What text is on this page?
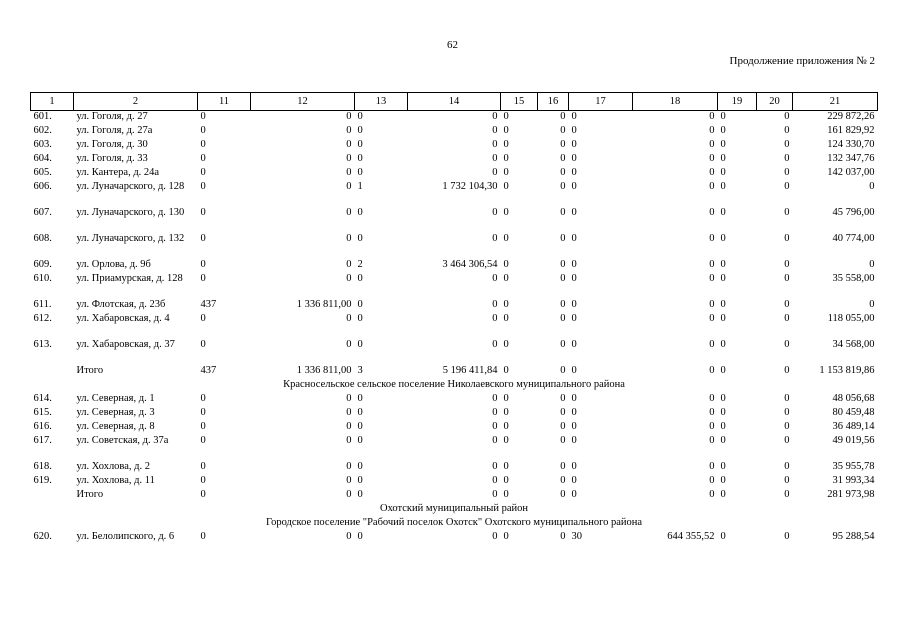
62
Продолжение приложения № 2
1	2	11	12	13	14	15	16	17	18	19	20	21
601.	ул. Гоголя, д. 27	0	0	0	0	0	0	0	0	0	0	229 872,26
602.	ул. Гоголя, д. 27а	0	0	0	0	0	0	0	0	0	0	161 829,92
603.	ул. Гоголя, д. 30	0	0	0	0	0	0	0	0	0	0	124 330,70
604.	ул. Гоголя, д. 33	0	0	0	0	0	0	0	0	0	0	132 347,76
605.	ул. Кантера, д. 24а	0	0	0	0	0	0	0	0	0	0	142 037,00
606.	ул. Луначарского, д. 128	0	0	1	1 732 104,30	0	0	0	0	0	0	0
607.	ул. Луначарского, д. 130	0	0	0	0	0	0	0	0	0	0	45 796,00
608.	ул. Луначарского, д. 132	0	0	0	0	0	0	0	0	0	0	40 774,00
609.	ул. Орлова, д. 9б	0	0	2	3 464 306,54	0	0	0	0	0	0	0
610.	ул. Приамурская, д. 128	0	0	0	0	0	0	0	0	0	0	35 558,00
611.	ул. Флотская, д. 23б	437	1 336 811,00	0	0	0	0	0	0	0	0	0
612.	ул. Хабаровская, д. 4	0	0	0	0	0	0	0	0	0	0	118 055,00
613.	ул. Хабаровская, д. 37	0	0	0	0	0	0	0	0	0	0	34 568,00
	Итого	437	1 336 811,00	3	5 196 411,84	0	0	0	0	0	0	1 153 819,86
Красносельское сельское поселение Николаевского муниципального района												
614.	ул. Северная, д. 1	0	0	0	0	0	0	0	0	0	0	48 056,68
615.	ул. Северная, д. 3	0	0	0	0	0	0	0	0	0	0	80 459,48
616.	ул. Северная, д. 8	0	0	0	0	0	0	0	0	0	0	36 489,14
617.	ул. Советская, д. 37а	0	0	0	0	0	0	0	0	0	0	49 019,56
618.	ул. Хохлова, д. 2	0	0	0	0	0	0	0	0	0	0	35 955,78
619.	ул. Хохлова, д. 11	0	0	0	0	0	0	0	0	0	0	31 993,34
	Итого	0	0	0	0	0	0	0	0	0	0	281 973,98
Охотский муниципальный район												
Городское поселение "Рабочий поселок Охотск" Охотского муниципального района												
620.	ул. Белолипского, д. 6	0	0	0	0	0	0	30	644 355,52	0	0	95 288,54
